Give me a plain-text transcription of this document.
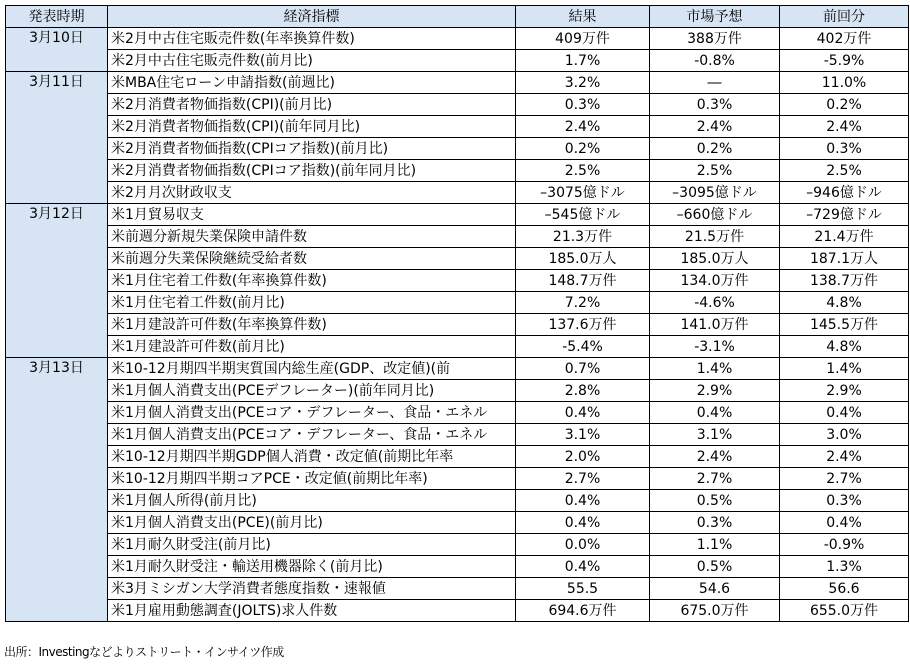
発表時期	経済指標	結果	市場予想	前回分
3月10日	米2月中古住宅販売件数(年率換算件数)	409万件	388万件	402万件
	米2月中古住宅販売件数(前月比)	1.7%	-0.8%	-5.9%
3月11日	米MBA住宅ローン申請指数(前週比)	3.2%	―	11.0%
	米2月消費者物価指数(CPI)(前月比)	0.3%	0.3%	0.2%
	米2月消費者物価指数(CPI)(前年同月比)	2.4%	2.4%	2.4%
	米2月消費者物価指数(CPIコア指数)(前月比)	0.2%	0.2%	0.3%
	米2月消費者物価指数(CPIコア指数)(前年同月比)	2.5%	2.5%	2.5%
	米2月月次財政収支	–3075億ドル	–3095億ドル	–946億ドル
3月12日	米1月貿易収支	–545億ドル	–660億ドル	–729億ドル
	米前週分新規失業保険申請件数	21.3万件	21.5万件	21.4万件
	米前週分失業保険継続受給者数	185.0万人	185.0万人	187.1万人
	米1月住宅着工件数(年率換算件数)	148.7万件	134.0万件	138.7万件
	米1月住宅着工件数(前月比)	7.2%	-4.6%	4.8%
	米1月建設許可件数(年率換算件数)	137.6万件	141.0万件	145.5万件
	米1月建設許可件数(前月比)	-5.4%	-3.1%	4.8%
3月13日	米10-12月期四半期実質国内総生産(GDP、改定値)(前	0.7%	1.4%	1.4%
	米1月個人消費支出(PCEデフレーター)(前年同月比)	2.8%	2.9%	2.9%
	米1月個人消費支出(PCEコア・デフレーター、食品・エネル	0.4%	0.4%	0.4%
	米1月個人消費支出(PCEコア・デフレーター、食品・エネル	3.1%	3.1%	3.0%
	米10-12月期四半期GDP個人消費・改定値(前期比年率	2.0%	2.4%	2.4%
	米10-12月期四半期コアPCE・改定値(前期比年率)	2.7%	2.7%	2.7%
	米1月個人所得(前月比)	0.4%	0.5%	0.3%
	米1月個人消費支出(PCE)(前月比)	0.4%	0.3%	0.4%
	米1月耐久財受注(前月比)	0.0%	1.1%	-0.9%
	米1月耐久財受注・輸送用機器除く(前月比)	0.4%	0.5%	1.3%
	米3月ミシガン大学消費者態度指数・速報値	55.5	54.6	56.6
	米1月雇用動態調査(JOLTS)求人件数	694.6万件	675.0万件	655.0万件
出所：Investingなどよりストリート・インサイツ作成
